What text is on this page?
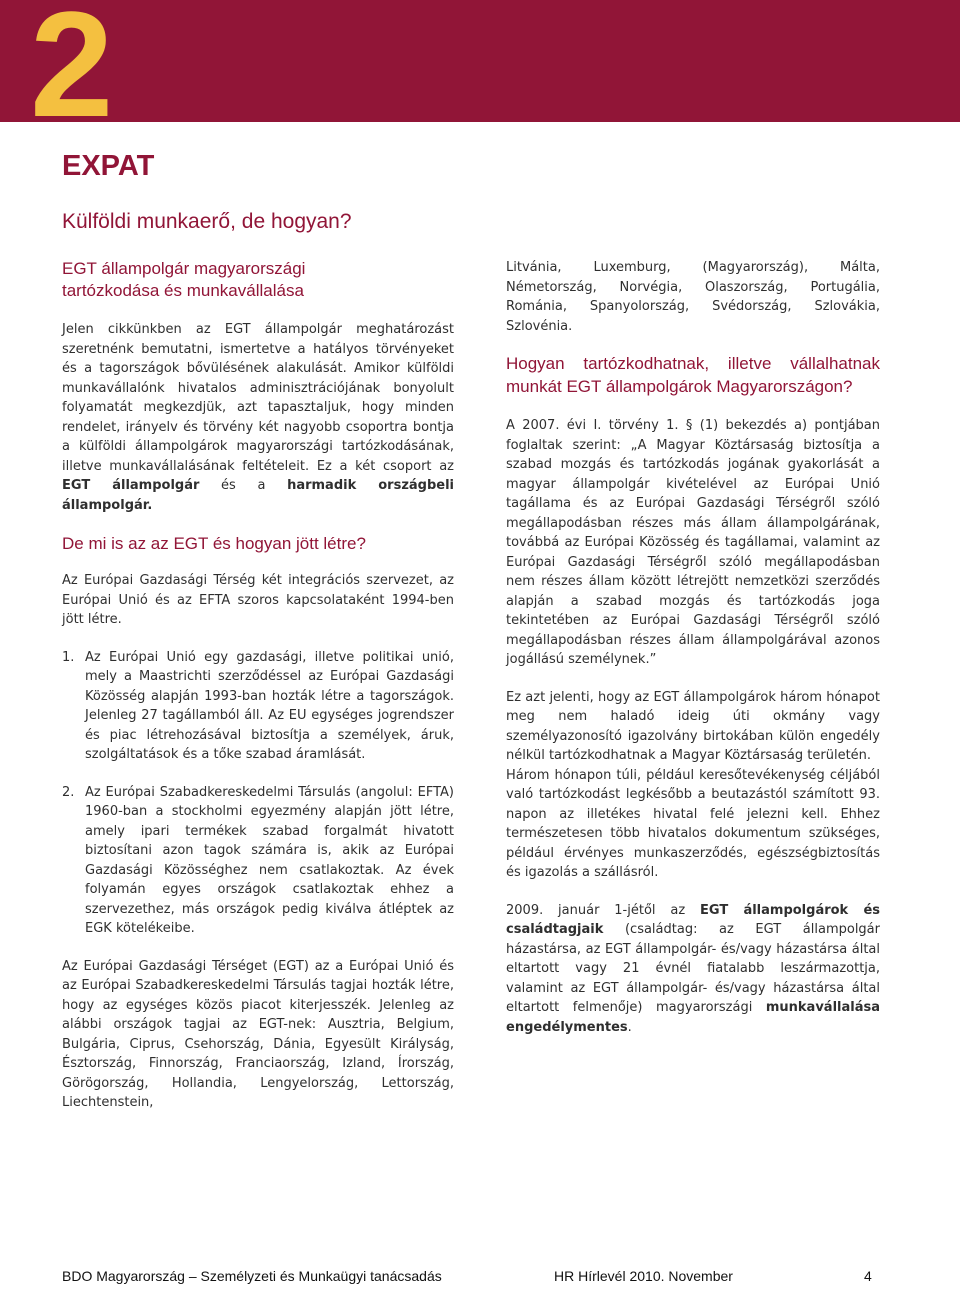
2
EXPAT
Külföldi munkaerő, de hogyan?
EGT állampolgár magyarországi tartózkodása és munkavállalása

Jelen cikkünkben az EGT állampolgár meghatározást szeretnénk bemutatni, ismertetve a hatályos törvényeket és a tagországok bővülésének alakulását. Amikor külföldi munkavállalónk hivatalos adminisztrációjának bonyolult folyamatát megkezdjük, azt tapasztaljuk, hogy minden rendelet, irányelv és törvény két nagyobb csoportra bontja a külföldi állampolgárok magyarországi tartózkodásának, illetve munkavállalásának feltételeit. Ez a két csoport az EGT állampolgár és a harmadik országbeli állampolgár.

De mi is az az EGT és hogyan jött létre?

Az Európai Gazdasági Térség két integrációs szervezet, az Európai Unió és az EFTA szoros kapcsolataként 1994-ben jött létre.

1. Az Európai Unió egy gazdasági, illetve politikai unió, mely a Maastrichti szerződéssel az Európai Gazdasági Közösség alapján 1993-ban hozták létre a tagországok. Jelenleg 27 tagállamból áll. Az EU egységes jogrendszer és piac létrehozásával biztosítja a személyek, áruk, szolgáltatások és a tőke szabad áramlását.
2. Az Európai Szabadkereskedelmi Társulás (angolul: EFTA) 1960-ban a stockholmi egyezmény alapján jött létre, amely ipari termékek szabad forgalmát hivatott biztosítani azon tagok számára is, akik az Európai Gazdasági Közösséghez nem csatlakoztak. Az évek folyamán egyes országok csatlakoztak ehhez a szervezethez, más országok pedig kiválva átléptek az EGK kötelékeibe.

Az Európai Gazdasági Térséget (EGT) az a Európai Unió és az Európai Szabadkereskedelmi Társulás tagjai hozták létre, hogy az egységes közös piacot kiterjesszék. Jelenleg az alábbi országok tagjai az EGT-nek: Ausztria, Belgium, Bulgária, Ciprus, Csehország, Dánia, Egyesült Királyság, Észtország, Finnország, Franciaország, Izland, Írország, Görögország, Hollandia, Lengyelország, Lettország, Liechtenstein,

Litvánia, Luxemburg, (Magyarország), Málta, Németország, Norvégia, Olaszország, Portugália, Románia, Spanyolország, Svédország, Szlovákia, Szlovénia.

Hogyan tartózkodhatnak, illetve vállalhatnak munkát EGT állampolgárok Magyarországon?

A 2007. évi I. törvény 1. § (1) bekezdés a) pontjában foglaltak szerint: „A Magyar Köztársaság biztosítja a szabad mozgás és tartózkodás jogának gyakorlását a magyar állampolgár kivételével az Európai Unió tagállama és az Európai Gazdasági Térségről szóló megállapodásban részes más állam állampolgárának, továbbá az Európai Közösség és tagállamai, valamint az Európai Gazdasági Térségről szóló megállapodásban nem részes állam között létrejött nemzetközi szerződés alapján a szabad mozgás és tartózkodás joga tekintetében az Európai Gazdasági Térségről szóló megállapodásban részes állam állampolgárával azonos jogállású személynek.”

Ez azt jelenti, hogy az EGT állampolgárok három hónapot meg nem haladó ideig úti okmány vagy személyazonosító igazolvány birtokában külön engedély nélkül tartózkodhatnak a Magyar Köztársaság területén.

Három hónapon túli, például keresőtevékenység céljából való tartózkodást legkésőbb a beutazástól számított 93. napon az illetékes hivatal felé jelezni kell. Ehhez természetesen több hivatalos dokumentum szükséges, például érvényes munkaszerződés, egészségbiztosítás és igazolás a szállásról.

2009. január 1-jétől az EGT állampolgárok és családtagjaik (családtag: az EGT állampolgár házastársa, az EGT állampolgár- és/vagy házastársa által eltartott vagy 21 évnél fiatalabb leszármazottja, valamint az EGT állampolgár- és/vagy házastársa által eltartott felmenője) magyarországi munkavállalása engedélymentes.

BDO Magyarország – Személyzeti és Munkaügyi tanácsadás	HR Hírlevél 2010. November	4
